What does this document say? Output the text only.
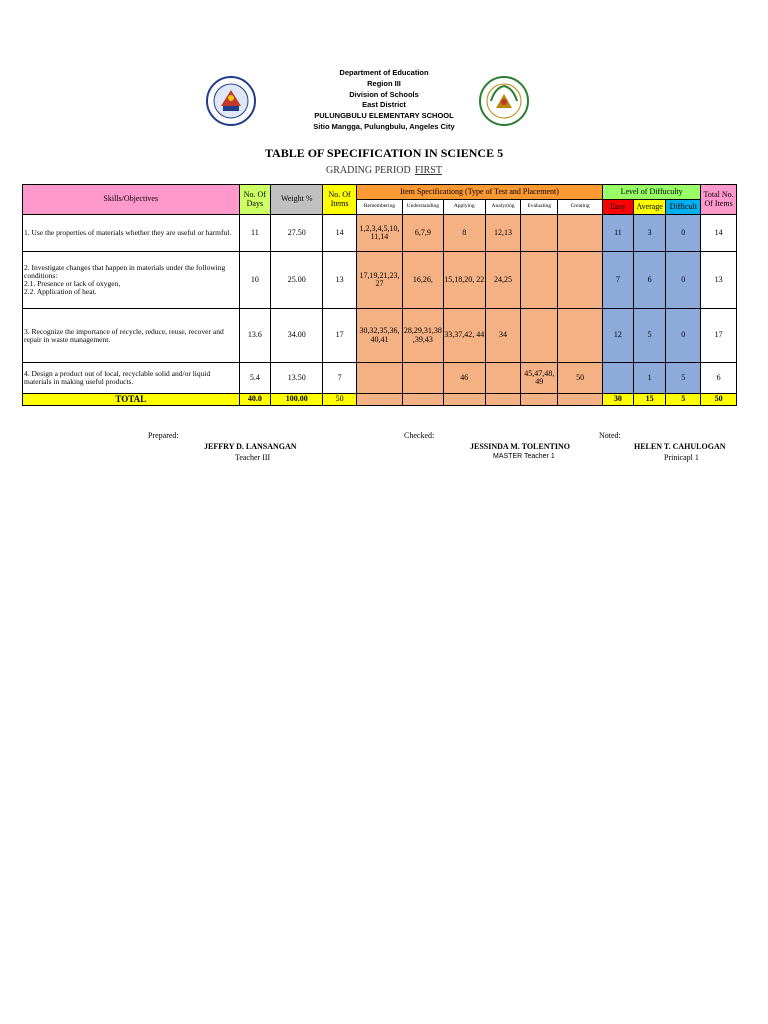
Department of Education
Region III
Division of Schools
East District
PULUNGBULU ELEMENTARY SCHOOL
Sitio Mangga, Pulungbulu, Angeles City
TABLE OF SPECIFICATION IN SCIENCE 5
GRADING PERIOD FIRST
Skills/Objectives	No. Of Days	Weight %	No. Of Items	Item Specificationg (Type of Test and Placement)						Level of Diffuculty			Total No. Of Items
				Remembering	Understanding	Applying	Analyzing	Evaluating	Creating	Easy	Average	Difficult	
1. Use the properties of materials whether they are useful or harmful.	11	27.50	14	1,2,3,4,5,10, 11,14	6,7,9	8	12,13			11	3	0	14
2. Investigate changes that happen in materials under the following conditions:
2.1. Presence or lack of oxygen,
2.2. Application of heat.	10	25.00	13	17,19,21,23, 27	16,26,	15,18,20, 22	24,25			7	6	0	13
3. Recognize the importance of recycle, reduce, reuse, recover and repair in waste management.	13.6	34.00	17	30,32,35,36, 40,41	28,29,31,38 ,39,43	33,37,42, 44	34			12	5	0	17
4. Design a product out of local, recyclable solid and/or liquid materials in making useful products.	5.4	13.50	7			46		45,47,48, 49	50		1	5	6
TOTAL	40.0	100.00	50							30	15	5	50
Prepared:
JEFFRY D. LANSANGAN
Teacher III
Checked:
JESSINDA M. TOLENTINO
MASTER Teacher 1
Noted:
HELEN T. CAHULOGAN
Prinicapl 1
